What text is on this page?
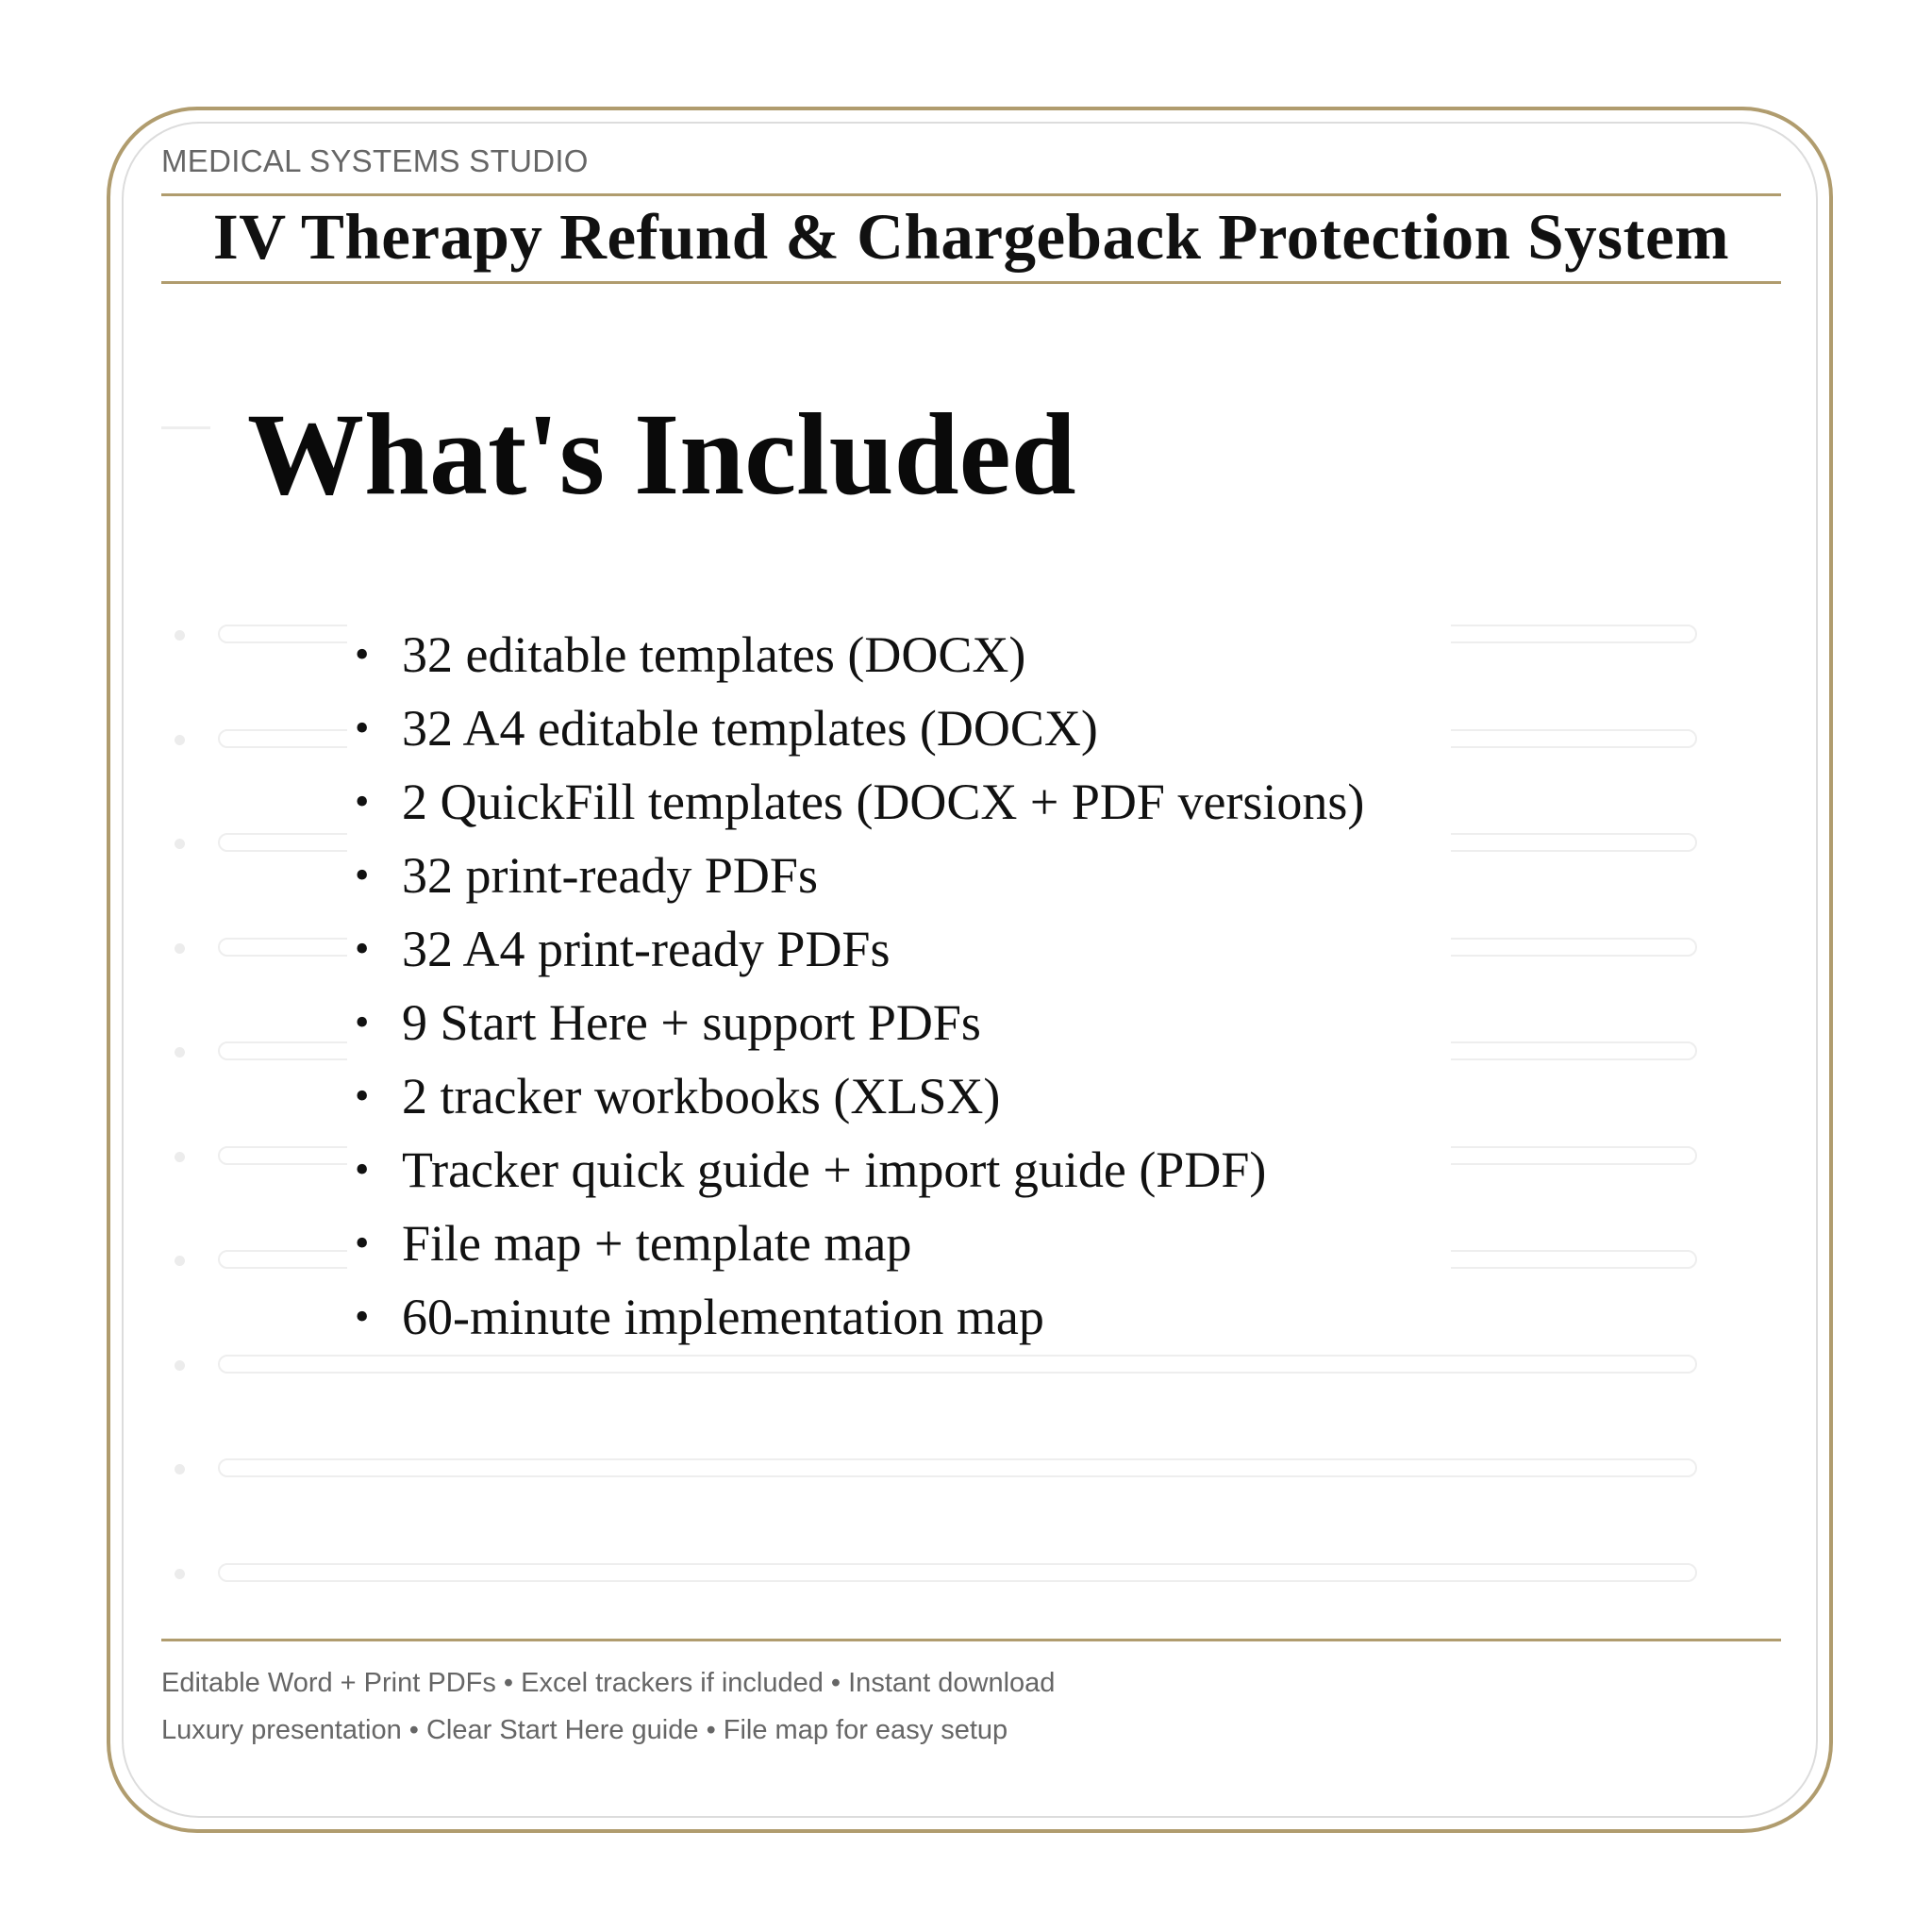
MEDICAL SYSTEMS STUDIO
IV Therapy Refund & Chargeback Protection System
What's Included
• 32 editable templates (DOCX)
• 32 A4 editable templates (DOCX)
• 2 QuickFill templates (DOCX + PDF versions)
• 32 print-ready PDFs
• 32 A4 print-ready PDFs
• 9 Start Here + support PDFs
• 2 tracker workbooks (XLSX)
• Tracker quick guide + import guide (PDF)
• File map + template map
• 60-minute implementation map
Editable Word + Print PDFs • Excel trackers if included • Instant download
Luxury presentation • Clear Start Here guide • File map for easy setup
